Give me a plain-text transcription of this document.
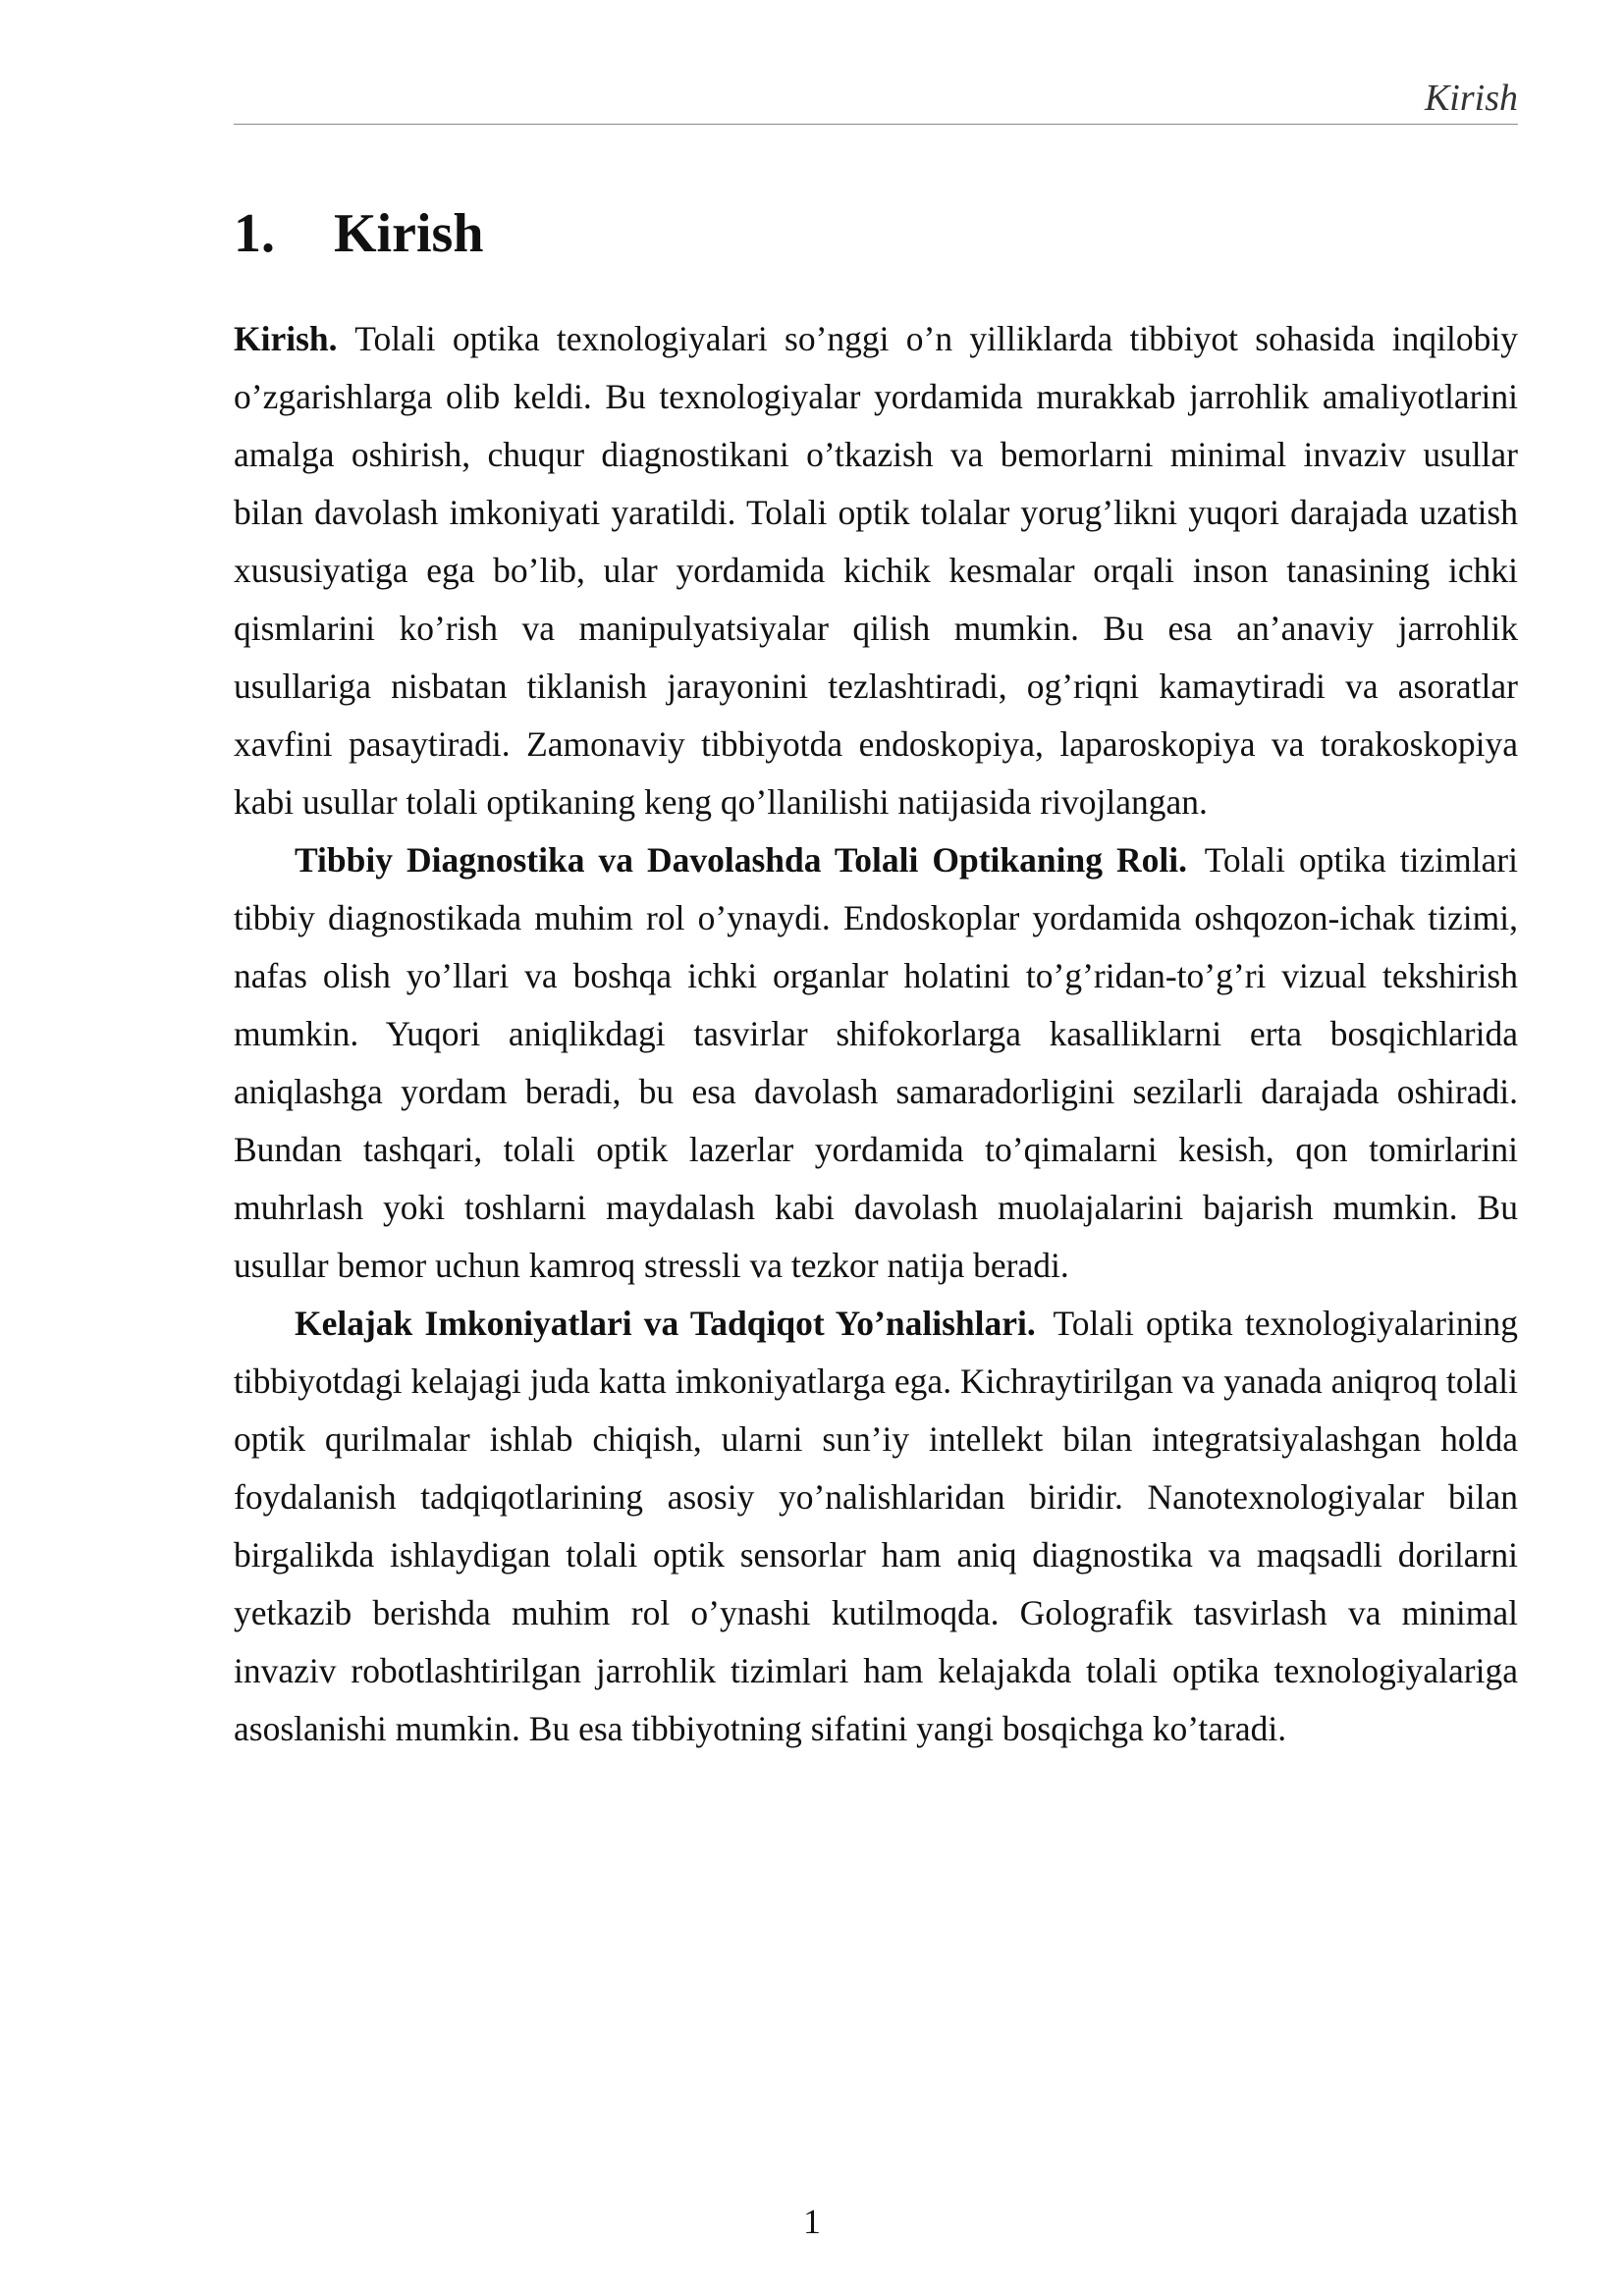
Kirish
1. Kirish

Kirish.  Tolali optika texnologiyalari so’nggi o’n yilliklarda tibbiyot sohasida inqilobiy o’zgarishlarga olib keldi. Bu texnologiyalar yordamida murakkab jarrohlik amaliyotlarini amalga oshirish, chuqur diagnostikani o’tkazish va bemorlarni minimal invaziv usullar bilan davolash imkoniyati yaratildi. Tolali optik tolalar yorug’likni yuqori darajada uzatish xususiyatiga ega bo’lib, ular yordamida kichik kesmalar orqali inson tanasining ichki qismlarini ko’rish va manipulyatsiyalar qilish mumkin. Bu esa an’anaviy jarrohlik usullariga nisbatan tiklanish jarayonini tezlashtiradi, og’riqni kamaytiradi va asoratlar xavfini pasaytiradi. Zamonaviy tibbiyotda endoskopiya, laparoskopiya va torakoskopiya kabi usullar tolali optikaning keng qo’llanilishi natijasida rivojlangan.

Tibbiy Diagnostika va Davolashda Tolali Optikaning Roli.  Tolali optika tizimlari tibbiy diagnostikada muhim rol o’ynaydi. Endoskoplar yordamida oshqozon-ichak tizimi, nafas olish yo’llari va boshqa ichki organlar holatini to’g’ridan-to’g’ri vizual tekshirish mumkin. Yuqori aniqlikdagi tasvirlar shifokorlarga kasalliklarni erta bosqichlarida aniqlashga yordam beradi, bu esa davolash samaradorligini sezilarli darajada oshiradi. Bundan tashqari, tolali optik lazerlar yordamida to’qimalarni kesish, qon tomirlarini muhrlash yoki toshlarni maydalash kabi davolash muolajalarini bajarish mumkin. Bu usullar bemor uchun kamroq stressli va tezkor natija beradi.

Kelajak Imkoniyatlari va Tadqiqot Yo’nalishlari.  Tolali optika texnologiyalarining tibbiyotdagi kelajagi juda katta imkoniyatlarga ega. Kichraytirilgan va yanada aniqroq tolali optik qurilmalar ishlab chiqish, ularni sun’iy intellekt bilan integratsiyalashgan holda foydalanish tadqiqotlarining asosiy yo’nalishlaridan biridir. Nanotexnologiyalar bilan birgalikda ishlaydigan tolali optik sensorlar ham aniq diagnostika va maqsadli dorilarni yetkazib berishda muhim rol o’ynashi kutilmoqda. Golografik tasvirlash va minimal invaziv robotlashtirilgan jarrohlik tizimlari ham kelajakda tolali optika texnologiyalariga asoslanishi mumkin. Bu esa tibbiyotning sifatini yangi bosqichga ko’taradi.

1
